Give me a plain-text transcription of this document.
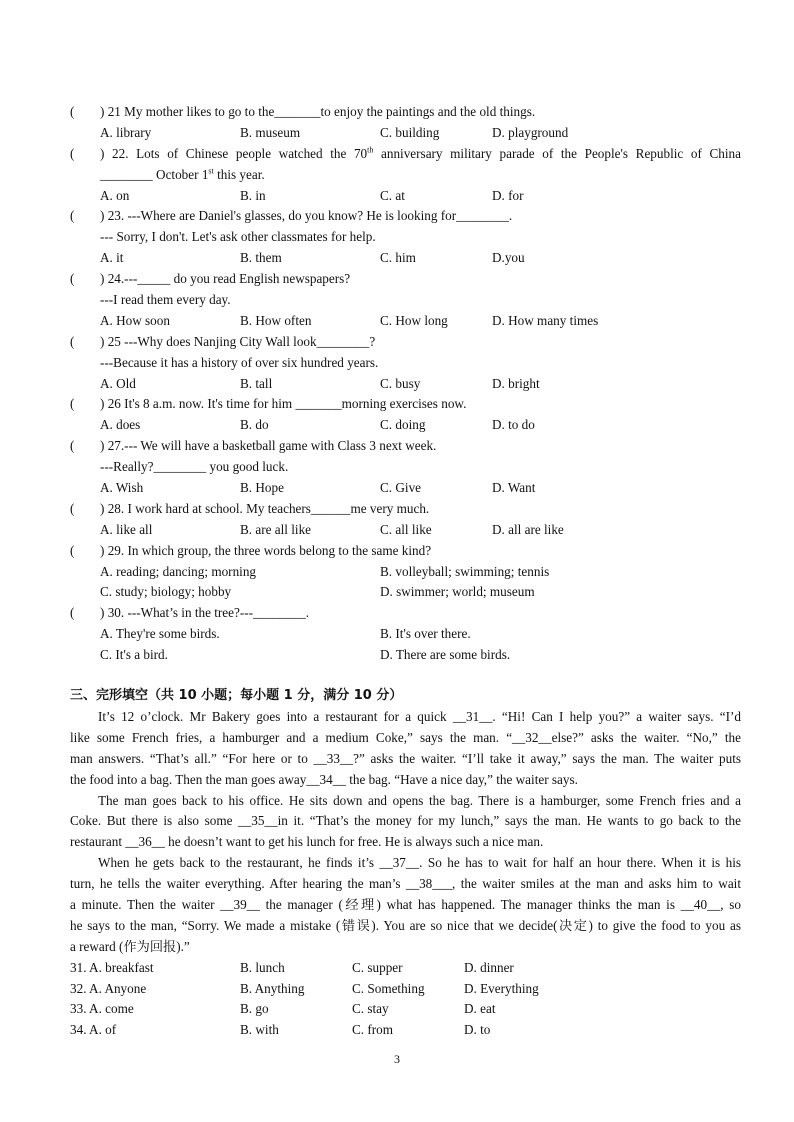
(	) 21 My mother likes to go to the_______to enjoy the paintings and the old things.
A. library	B. museum	C. building	D. playground
(	) 22. Lots of Chinese people watched the 70th anniversary military parade of the People's Republic of China
________ October 1st this year.
A. on	B. in	C. at	D. for
(	) 23. ---Where are Daniel's glasses, do you know? He is looking for________.
--- Sorry, I don't. Let's ask other classmates for help.
A. it	B. them	C. him	D.you
(	) 24.---_____ do you read English newspapers?
---I read them every day.
A. How soon	B. How often	C. How long	D. How many times
(	) 25 ---Why does Nanjing City Wall look________?
---Because it has a history of over six hundred years.
A. Old	B. tall	C. busy	D. bright
(	) 26 It's 8 a.m. now. It's time for him _______morning exercises now.
A. does	B. do	C. doing	D. to do
(	) 27.--- We will have a basketball game with Class 3 next week.
---Really?________ you good luck.
A. Wish	B. Hope	C. Give	D. Want
(	) 28. I work hard at school. My teachers______me very much.
A. like all	B. are all like	C. all like	D. all are like
(	) 29. In which group, the three words belong to the same kind?
A. reading; dancing; morning	B. volleyball; swimming; tennis
C. study; biology; hobby	D. swimmer; world; museum
(	) 30. ---What’s in the tree?---________.
A. They're some birds.	B. It's over there.
C. It's a bird.	D. There are some birds.
三、完形填空（共 10 小题；每小题 1 分，满分 10 分）
It’s 12 o’clock. Mr Bakery goes into a restaurant for a quick __31__. “Hi! Can I help you?” a waiter says. “I’d
like some French fries, a hamburger and a medium Coke,” says the man. “__32__else?” asks the waiter. “No,” the
man answers. “That’s all.” “For here or to __33__?” asks the waiter. “I’ll take it away,” says the man. The waiter puts
the food into a bag. Then the man goes away__34__ the bag. “Have a nice day,” the waiter says.
The man goes back to his office. He sits down and opens the bag. There is a hamburger, some French fries and a
Coke. But there is also some __35__in it. “That’s the money for my lunch,” says the man. He wants to go back to the
restaurant __36__ he doesn’t want to get his lunch for free. He is always such a nice man.
When he gets back to the restaurant, he finds it’s __37__. So he has to wait for half an hour there. When it is his
turn, he tells the waiter everything. After hearing the man’s __38___, the waiter smiles at the man and asks him to wait
a minute. Then the waiter __39__ the manager (经理) what has happened. The manager thinks the man is __40__, so
he says to the man, “Sorry. We made a mistake (错误). You are so nice that we decide(决定) to give the food to you as
a reward (作为回报).”
31. A. breakfast	B. lunch	C. supper	D. dinner
32. A. Anyone	B. Anything	C. Something	D. Everything
33. A. come	B. go	C. stay	D. eat
34. A. of	B. with	C. from	D. to
3
